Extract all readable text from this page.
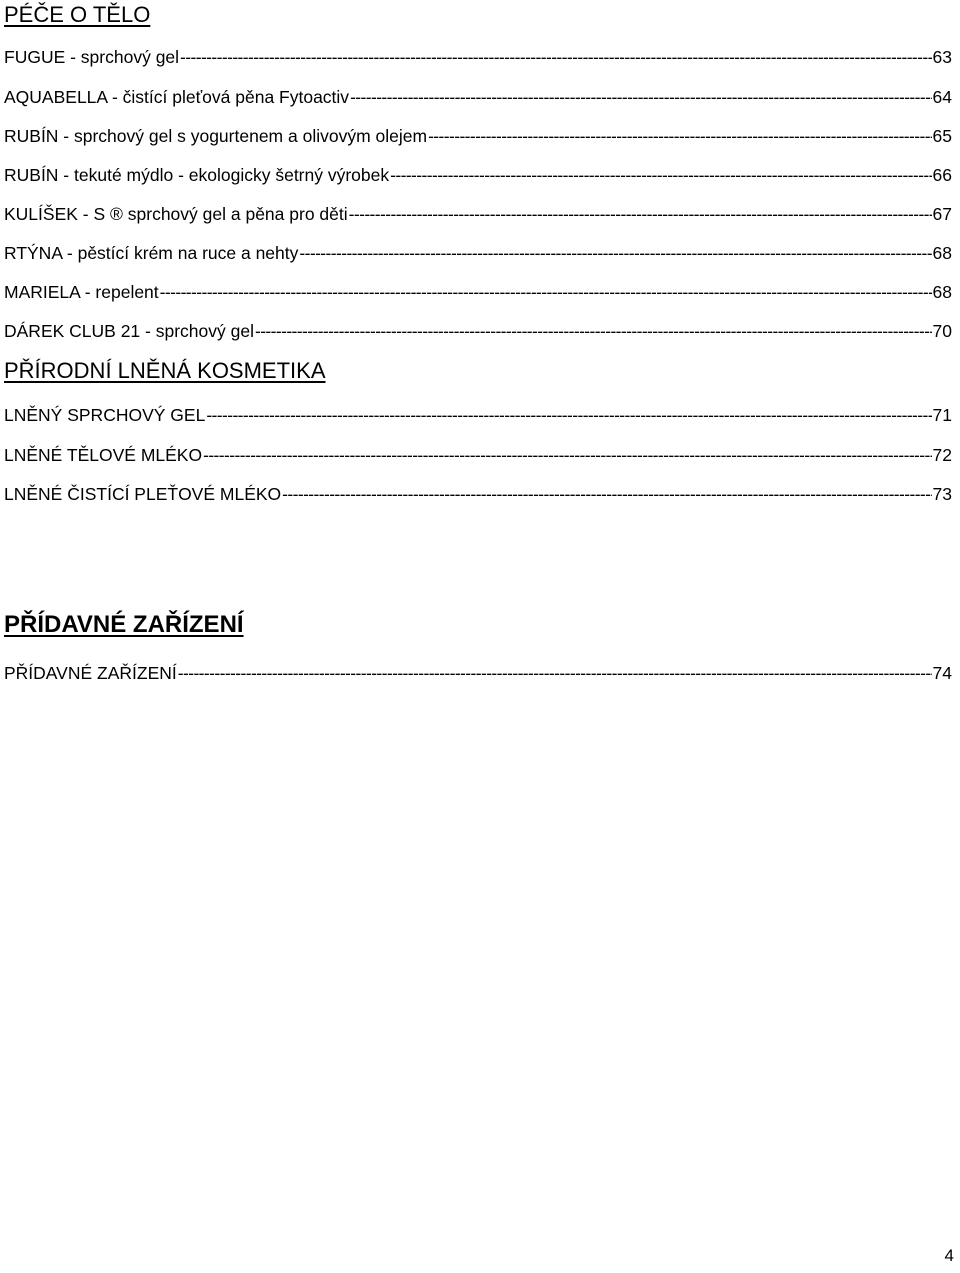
PÉČE O TĚLO
FUGUE - sprchový gel -----	63
AQUABELLA - čistící pleťová pěna Fytoactiv -----	64
RUBÍN - sprchový gel s yogurtenem a olivovým olejem -----	65
RUBÍN - tekuté mýdlo - ekologicky šetrný výrobek -----	66
KULÍŠEK - S ® sprchový gel a pěna pro děti -----	67
RTÝNA - pěstící krém na ruce a nehty -----	68
MARIELA - repelent -----	68
DÁREK CLUB 21 - sprchový gel -----	70
PŘÍRODNÍ LNĚNÁ KOSMETIKA
LNĚNÝ SPRCHOVÝ GEL -----	71
LNĚNÉ TĚLOVÉ MLÉKO -----	72
LNĚNÉ ČISTÍCÍ PLEŤOVÉ MLÉKO -----	73
PŘÍDAVNÉ ZAŘÍZENÍ
PŘÍDAVNÉ ZAŘÍZENÍ -----	74
4
